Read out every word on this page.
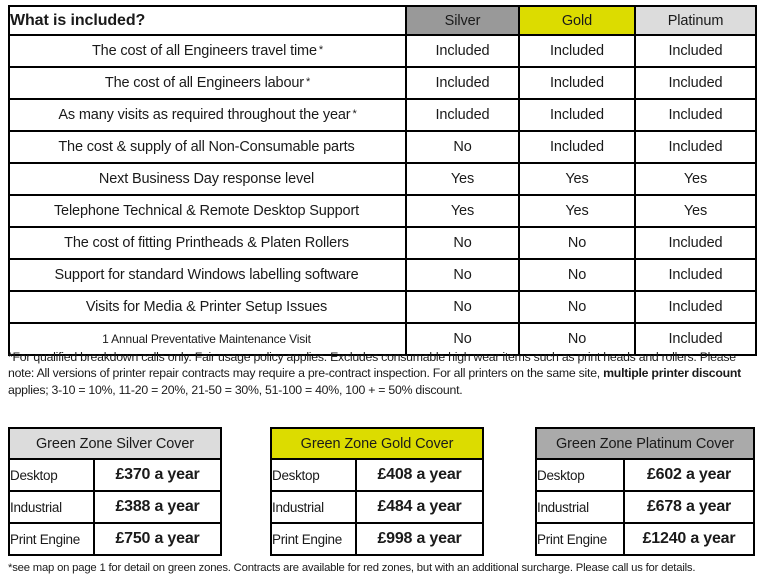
What is included?	Silver	Gold	Platinum
The cost of all Engineers travel time *	Included	Included	Included
The cost of all Engineers labour *	Included	Included	Included
As many visits as required throughout the year *	Included	Included	Included
The cost & supply of all Non-Consumable parts	No	Included	Included
Next Business Day response level	Yes	Yes	Yes
Telephone Technical & Remote Desktop Support	Yes	Yes	Yes
The cost of fitting Printheads & Platen Rollers	No	No	Included
Support for standard Windows labelling software	No	No	Included
Visits for Media & Printer Setup Issues	No	No	Included
1 Annual Preventative Maintenance Visit	No	No	Included
*For qualified breakdown calls only. Fair usage policy applies. Excludes consumable high wear items such as print heads and rollers. Please note: All versions of printer repair contracts may require a pre-contract inspection. For all printers on the same site, multiple printer discount applies; 3-10 = 10%, 11-20 = 20%, 21-50 = 30%, 51-100 = 40%, 100 + = 50% discount.
Green Zone Silver Cover	
Desktop	£370 a year
Industrial	£388 a year
Print Engine	£750 a year
Green Zone Gold Cover	
Desktop	£408 a year
Industrial	£484 a year
Print Engine	£998 a year
Green Zone Platinum Cover	
Desktop	£602 a year
Industrial	£678 a year
Print Engine	£1240 a year
*see map on page 1 for detail on green zones. Contracts are available for red zones, but with an additional surcharge. Please call us for details.
